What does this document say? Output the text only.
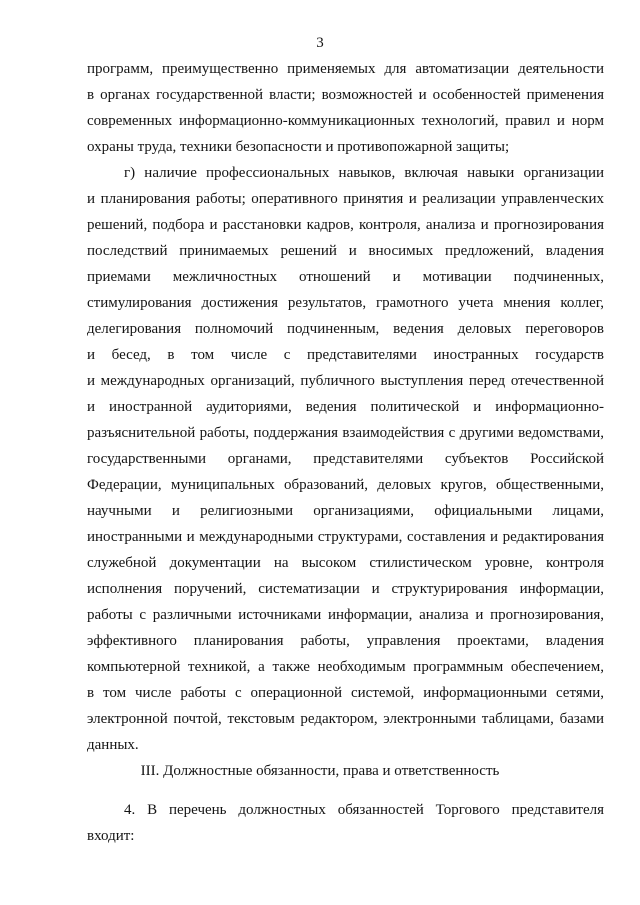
3
программ, преимущественно применяемых для автоматизации деятельности
в органах государственной власти; возможностей и особенностей применения
современных информационно-коммуникационных технологий, правил и норм
охраны труда, техники безопасности и противопожарной защиты;
г) наличие профессиональных навыков, включая навыки организации
и планирования работы; оперативного принятия и реализации управленческих
решений, подбора и расстановки кадров, контроля, анализа и прогнозирования
последствий принимаемых решений и вносимых предложений, владения
приемами межличностных отношений и мотивации подчиненных,
стимулирования достижения результатов, грамотного учета мнения коллег,
делегирования полномочий подчиненным, ведения деловых переговоров
и бесед, в том числе с представителями иностранных государств
и международных организаций, публичного выступления перед отечественной
и иностранной аудиториями, ведения политической и информационно-
разъяснительной работы, поддержания взаимодействия с другими ведомствами,
государственными органами, представителями субъектов Российской
Федерации, муниципальных образований, деловых кругов, общественными,
научными и религиозными организациями, официальными лицами,
иностранными и международными структурами, составления и редактирования
служебной документации на высоком стилистическом уровне, контроля
исполнения поручений, систематизации и структурирования информации,
работы с различными источниками информации, анализа и прогнозирования,
эффективного планирования работы, управления проектами, владения
компьютерной техникой, а также необходимым программным обеспечением,
в том числе работы с операционной системой, информационными сетями,
электронной почтой, текстовым редактором, электронными таблицами, базами
данных.
III. Должностные обязанности, права и ответственность
4. В перечень должностных обязанностей Торгового представителя
входит:
